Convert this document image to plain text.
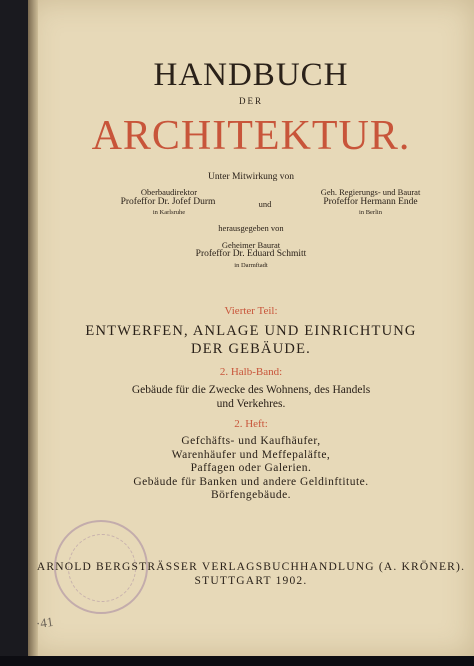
HANDBUCH
DER
ARCHITEKTUR.
Unter Mitwirkung von
Oberbaudirektor
Profeffor Dr. Jofef Durm
in Karlsruhe
und
Geh. Regierungs- und Baurat
Profeffor Hermann Ende
in Berlin
herausgegeben von
Geheimer Baurat
Profeffor Dr. Eduard Schmitt
in Darmftadt
Vierter Teil:
ENTWERFEN, ANLAGE UND EINRICHTUNG
DER GEBÄUDE.
2. Halb-Band:
Gebäude für die Zwecke des Wohnens, des Handels
und Verkehres.
2. Heft:
Gefchäfts- und Kaufhäufer,
Warenhäufer und Meffepaläfte,
Paffagen oder Galerien.
Gebäude für Banken und andere Geldinftitute.
Börfengebäude.
ARNOLD BERGSTRÄSSER VERLAGSBUCHHANDLUNG (A. KRÖNER).
STUTTGART 1902.
·41
